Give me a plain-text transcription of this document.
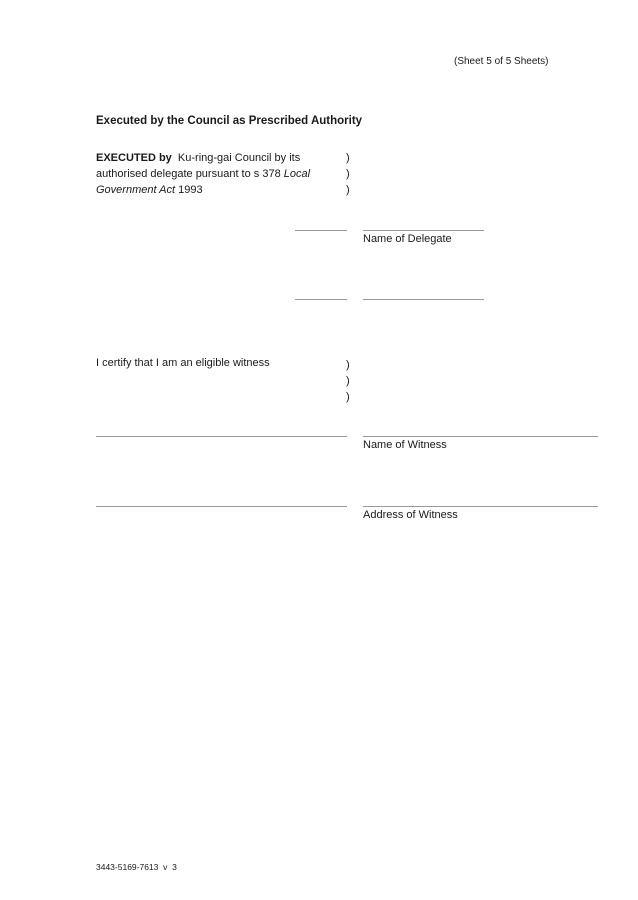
(Sheet 5 of 5 Sheets)
Executed by the Council as Prescribed Authority
EXECUTED by Ku-ring-gai Council by its
authorised delegate pursuant to s 378 Local
Government Act 1993
)
)
)
Name of Delegate
I certify that I am an eligible witness	)
)
)
Name of Witness
Address of Witness
3443-5169-7613  v  3
